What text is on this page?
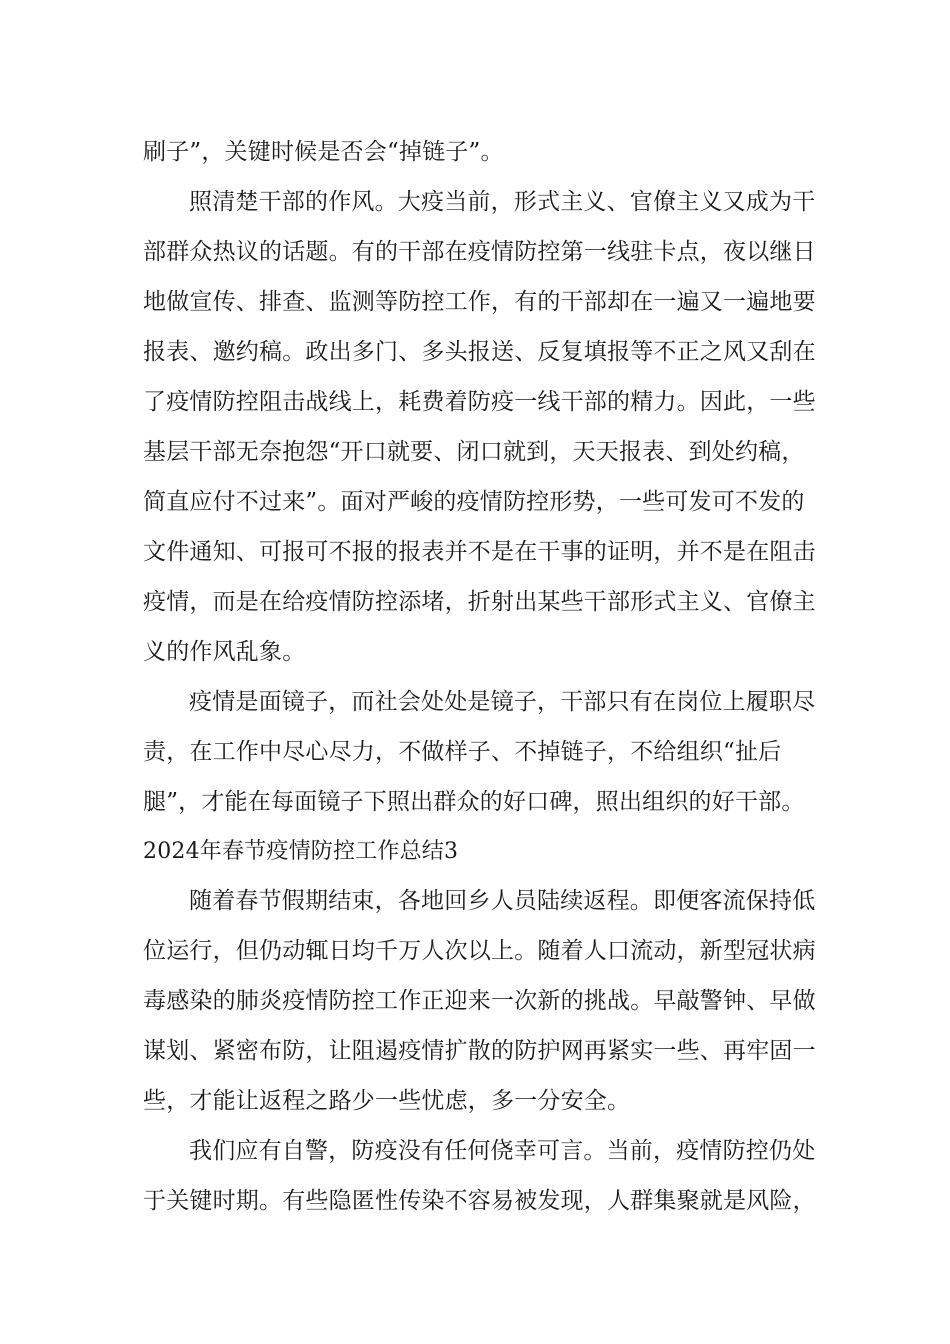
刷子”，关键时候是否会“掉链子”。
照清楚干部的作风。大疫当前，形式主义、官僚主义又成为干
部群众热议的话题。有的干部在疫情防控第一线驻卡点，夜以继日
地做宣传、排查、监测等防控工作，有的干部却在一遍又一遍地要
报表、邀约稿。政出多门、多头报送、反复填报等不正之风又刮在
了疫情防控阻击战线上，耗费着防疫一线干部的精力。因此，一些
基层干部无奈抱怨“开口就要、闭口就到，天天报表、到处约稿，
简直应付不过来”。面对严峻的疫情防控形势，一些可发可不发的
文件通知、可报可不报的报表并不是在干事的证明，并不是在阻击
疫情，而是在给疫情防控添堵，折射出某些干部形式主义、官僚主
义的作风乱象。
疫情是面镜子，而社会处处是镜子，干部只有在岗位上履职尽
责，在工作中尽心尽力，不做样子、不掉链子，不给组织“扯后
腿”，才能在每面镜子下照出群众的好口碑，照出组织的好干部。
2024年春节疫情防控工作总结3
随着春节假期结束，各地回乡人员陆续返程。即便客流保持低
位运行，但仍动辄日均千万人次以上。随着人口流动，新型冠状病
毒感染的肺炎疫情防控工作正迎来一次新的挑战。早敲警钟、早做
谋划、紧密布防，让阻遏疫情扩散的防护网再紧实一些、再牢固一
些，才能让返程之路少一些忧虑，多一分安全。
我们应有自警，防疫没有任何侥幸可言。当前，疫情防控仍处
于关键时期。有些隐匿性传染不容易被发现，人群集聚就是风险，
